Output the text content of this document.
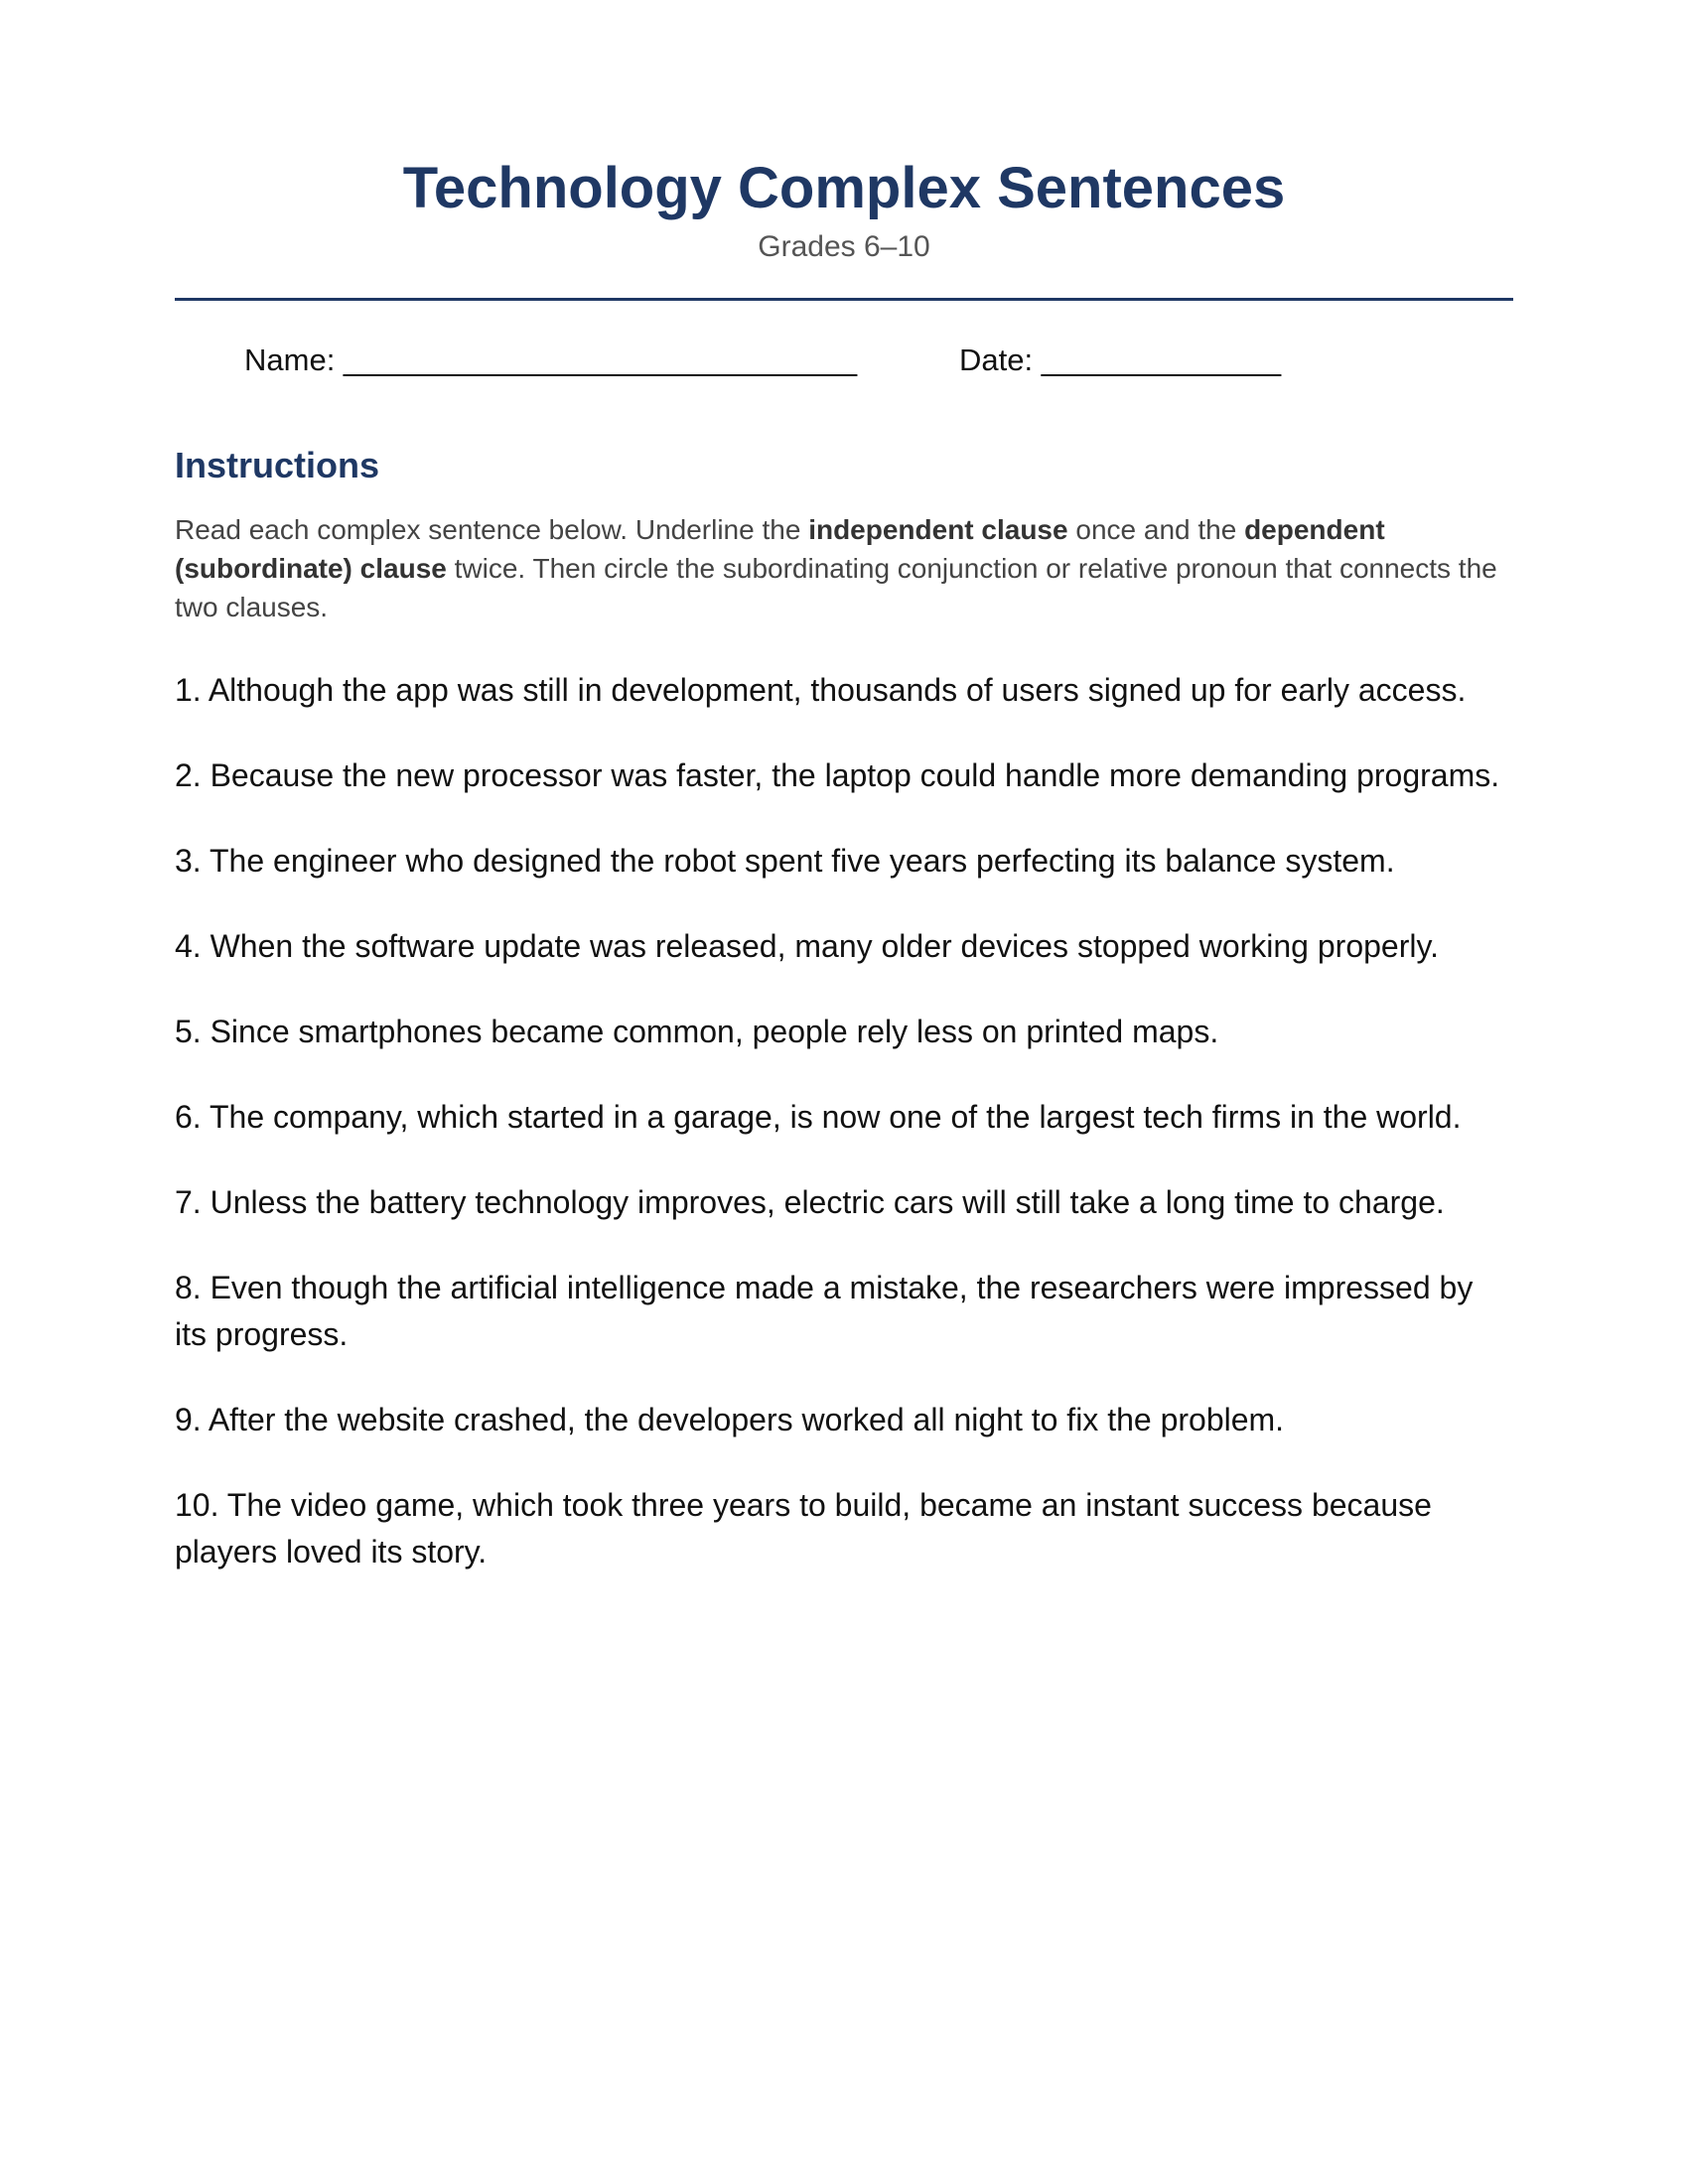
Technology Complex Sentences
Grades 6–10

Name: ______________________________

	Date: ______________

Instructions

Read each complex sentence below. Underline the independent clause once and the dependent (subordinate) clause twice. Then circle the subordinating conjunction or relative pronoun that connects the two clauses.

1. Although the app was still in development, thousands of users signed up for early access.
2. Because the new processor was faster, the laptop could handle more demanding programs.
3. The engineer who designed the robot spent five years perfecting its balance system.
4. When the software update was released, many older devices stopped working properly.
5. Since smartphones became common, people rely less on printed maps.
6. The company, which started in a garage, is now one of the largest tech firms in the world.
7. Unless the battery technology improves, electric cars will still take a long time to charge.
8. Even though the artificial intelligence made a mistake, the researchers were impressed by its progress.
9. After the website crashed, the developers worked all night to fix the problem.
10. The video game, which took three years to build, became an instant success because players loved its story.
